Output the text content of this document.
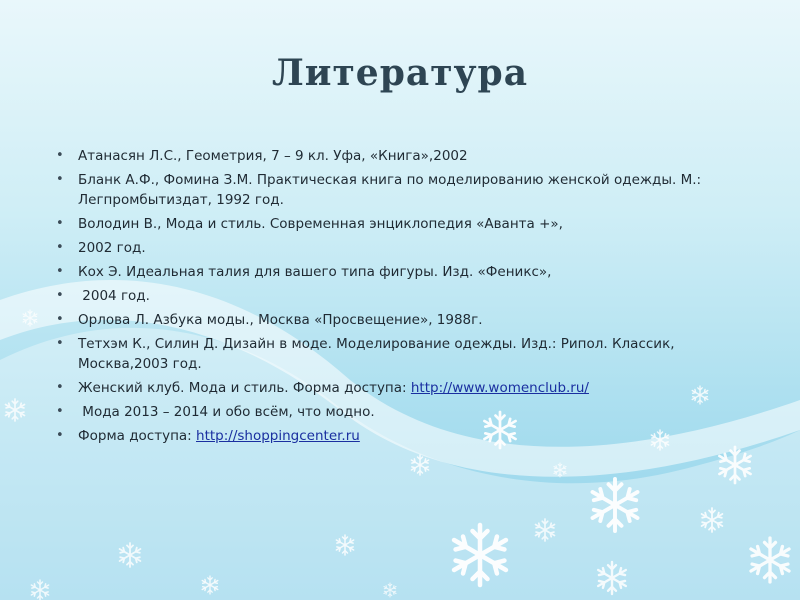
Литература
• Атанасян Л.С., Геометрия, 7 – 9 кл. Уфа, «Книга»,2002
• Бланк А.Ф., Фомина З.М. Практическая книга по моделированию женской одежды. М.: Легпромбытиздат, 1992 год.
• Володин В., Мода и стиль. Современная энциклопедия «Аванта +»,
• 2002 год.
• Кох Э. Идеальная талия для вашего типа фигуры. Изд. «Феникс»,
• 2004 год.
• Орлова Л. Азбука моды., Москва «Просвещение», 1988г.
• Тетхэм К., Силин Д. Дизайн в моде. Моделирование одежды. Изд.: Рипол. Классик, Москва,2003 год.
• Женский клуб. Мода и стиль. Форма доступа: http://www.womenclub.ru/
• Мода 2013 – 2014 и обо всём, что модно.
• Форма доступа: http://shoppingcenter.ru
